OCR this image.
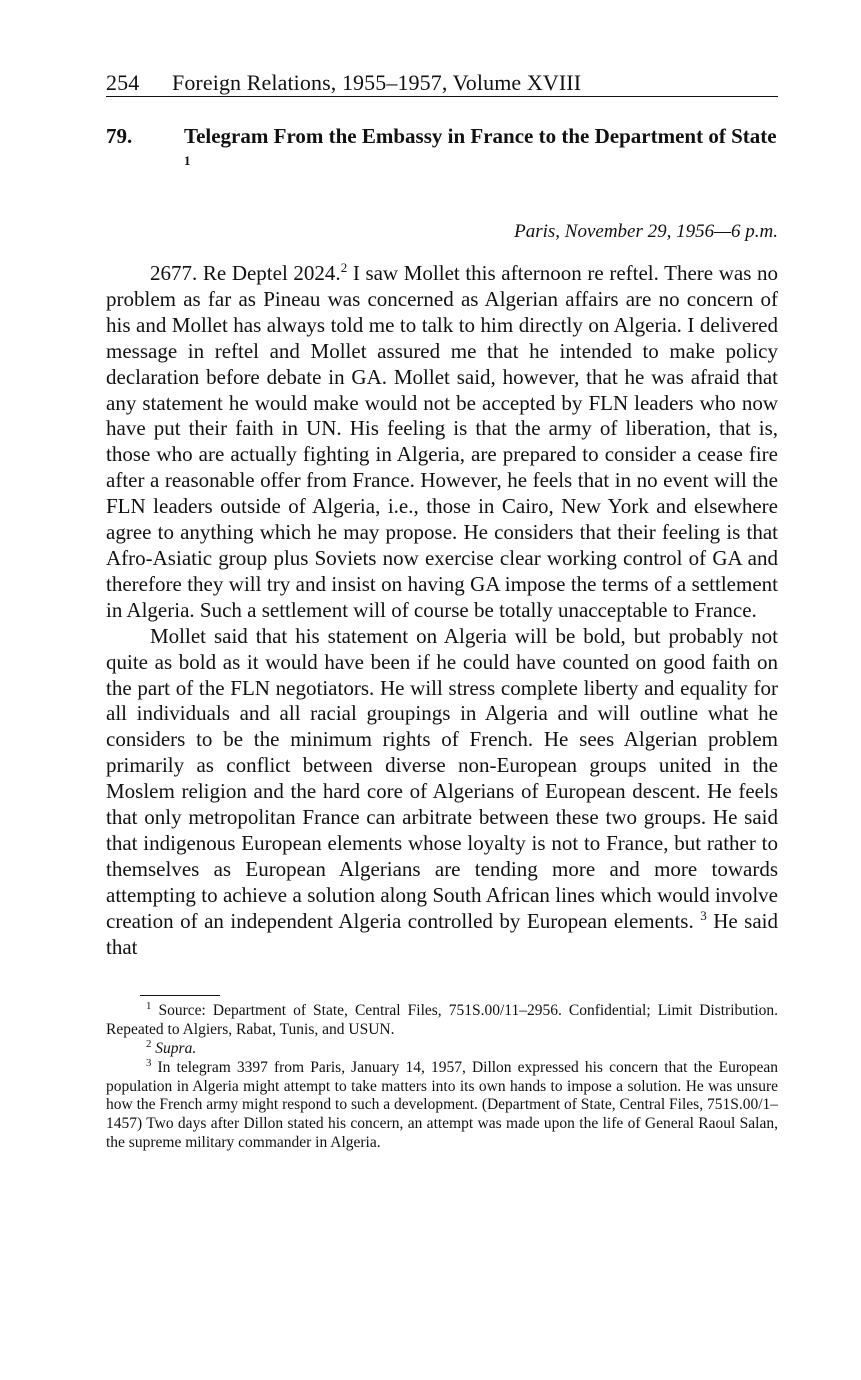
254	Foreign Relations, 1955–1957, Volume XVIII
79.	Telegram From the Embassy in France to the Department of State $^1$
Paris, November 29, 1956—6 p.m.

2677. Re Deptel 2024.$^2$ I saw Mollet this afternoon re reftel. There was no problem as far as Pineau was concerned as Algerian affairs are no concern of his and Mollet has always told me to talk to him directly on Algeria. I delivered message in reftel and Mollet assured me that he intended to make policy declaration before debate in GA. Mollet said, however, that he was afraid that any statement he would make would not be accepted by FLN leaders who now have put their faith in UN. His feeling is that the army of liberation, that is, those who are actually fighting in Algeria, are prepared to consider a cease fire after a reasonable offer from France. However, he feels that in no event will the FLN leaders outside of Algeria, i.e., those in Cairo, New York and elsewhere agree to anything which he may propose. He considers that their feeling is that Afro-Asiatic group plus Soviets now exercise clear working control of GA and therefore they will try and insist on having GA impose the terms of a settlement in Algeria. Such a settlement will of course be totally unacceptable to France.

Mollet said that his statement on Algeria will be bold, but probably not quite as bold as it would have been if he could have counted on good faith on the part of the FLN negotiators. He will stress complete liberty and equality for all individuals and all racial groupings in Algeria and will outline what he considers to be the minimum rights of French. He sees Algerian problem primarily as conflict between diverse non-European groups united in the Moslem religion and the hard core of Algerians of European descent. He feels that only metropolitan France can arbitrate between these two groups. He said that indigenous European elements whose loyalty is not to France, but rather to themselves as European Algerians are tending more and more towards attempting to achieve a solution along South African lines which would involve creation of an independent Algeria controlled by European elements. $^3$ He said that

$^1$ Source: Department of State, Central Files, 751S.00/11–2956. Confidential; Limit Distribution. Repeated to Algiers, Rabat, Tunis, and USUN.

$^2$ Supra.

$^3$ In telegram 3397 from Paris, January 14, 1957, Dillon expressed his concern that the European population in Algeria might attempt to take matters into its own hands to impose a solution. He was unsure how the French army might respond to such a development. (Department of State, Central Files, 751S.00/1–1457) Two days after Dillon stated his concern, an attempt was made upon the life of General Raoul Salan, the supreme military commander in Algeria.
